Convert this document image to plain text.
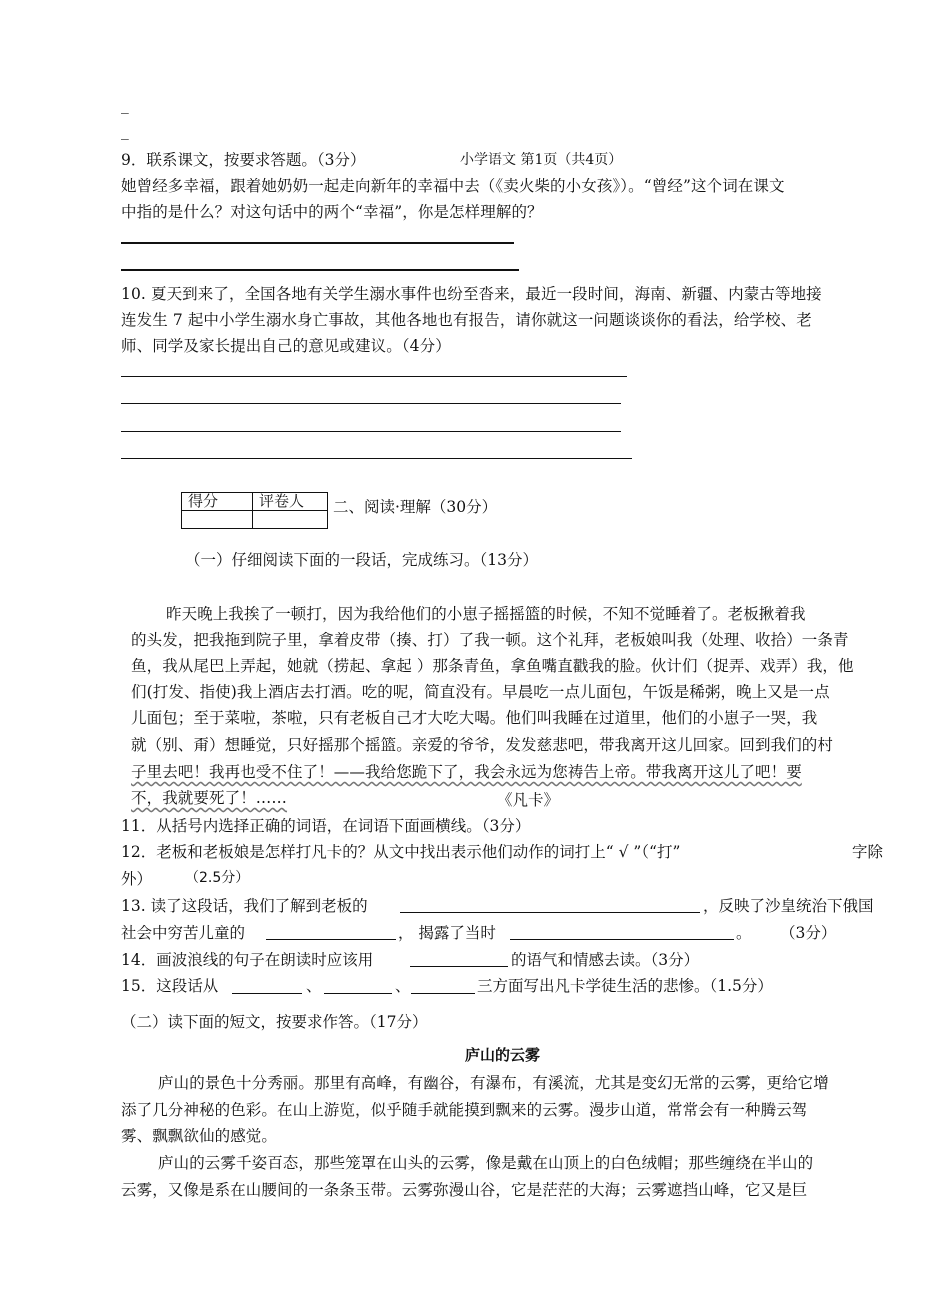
_
_
9．联系课文，按要求答题。（3分）	小学语文 第1页（共4页）
她曾经多幸福，跟着她奶奶一起走向新年的幸福中去（《卖火柴的小女孩》）。“曾经”这个词在课文
中指的是什么？对这句话中的两个“幸福”，你是怎样理解的？
10. 夏天到来了，全国各地有关学生溺水事件也纷至沓来，最近一段时间，海南、新疆、内蒙古等地接
连发生 7 起中小学生溺水身亡事故，其他各地也有报告，请你就这一问题谈谈你的看法，给学校、老
师、同学及家长提出自己的意见或建议。（4分）
得分	评卷人
	二、阅读·理解（30分）
（一）仔细阅读下面的一段话，完成练习。（13分）
昨天晚上我挨了一顿打，因为我给他们的小崽子摇摇篮的时候，不知不觉睡着了。老板揪着我
的头发，把我拖到院子里，拿着皮带（揍、打）了我一顿。这个礼拜，老板娘叫我（处理、收拾）一条青
鱼，我从尾巴上弄起，她就（捞起、拿起 ）那条青鱼，拿鱼嘴直戳我的脸。伙计们（捉弄、戏弄）我，他
们(打发、指使)我上酒店去打酒。吃的呢，简直没有。早晨吃一点儿面包，午饭是稀粥，晚上又是一点
儿面包；至于菜啦，茶啦，只有老板自己才大吃大喝。他们叫我睡在过道里，他们的小崽子一哭，我
就（别、甭）想睡觉，只好摇那个摇篮。亲爱的爷爷，发发慈悲吧，带我离开这儿回家。回到我们的村
子里去吧！我再也受不住了！——我给您跪下了，我会永远为您祷告上帝。带我离开这儿了吧！要
不，我就要死了！……	《凡卡》
11．从括号内选择正确的词语，在词语下面画横线。（3分）
12．老板和老板娘是怎样打凡卡的？从文中找出表示他们动作的词打上“ √ ”（“打”	字除
外） （2.5分）
13. 读了这段话，我们了解到老板的	，反映了沙皇统治下俄国
社会中穷苦儿童的	， 揭露了当时	。 （3分）
14．画波浪线的句子在朗读时应该用	的语气和情感去读。（3分）
15．这段话从	、	、	三方面写出凡卡学徒生活的悲惨。（1.5分）
（二）读下面的短文，按要求作答。（17分）
庐山的云雾
庐山的景色十分秀丽。那里有高峰，有幽谷，有瀑布，有溪流，尤其是变幻无常的云雾，更给它增
添了几分神秘的色彩。在山上游览，似乎随手就能摸到飘来的云雾。漫步山道，常常会有一种腾云驾
雾、飘飘欲仙的感觉。
庐山的云雾千姿百态，那些笼罩在山头的云雾，像是戴在山顶上的白色绒帽；那些缠绕在半山的
云雾，又像是系在山腰间的一条条玉带。云雾弥漫山谷，它是茫茫的大海；云雾遮挡山峰，它又是巨
